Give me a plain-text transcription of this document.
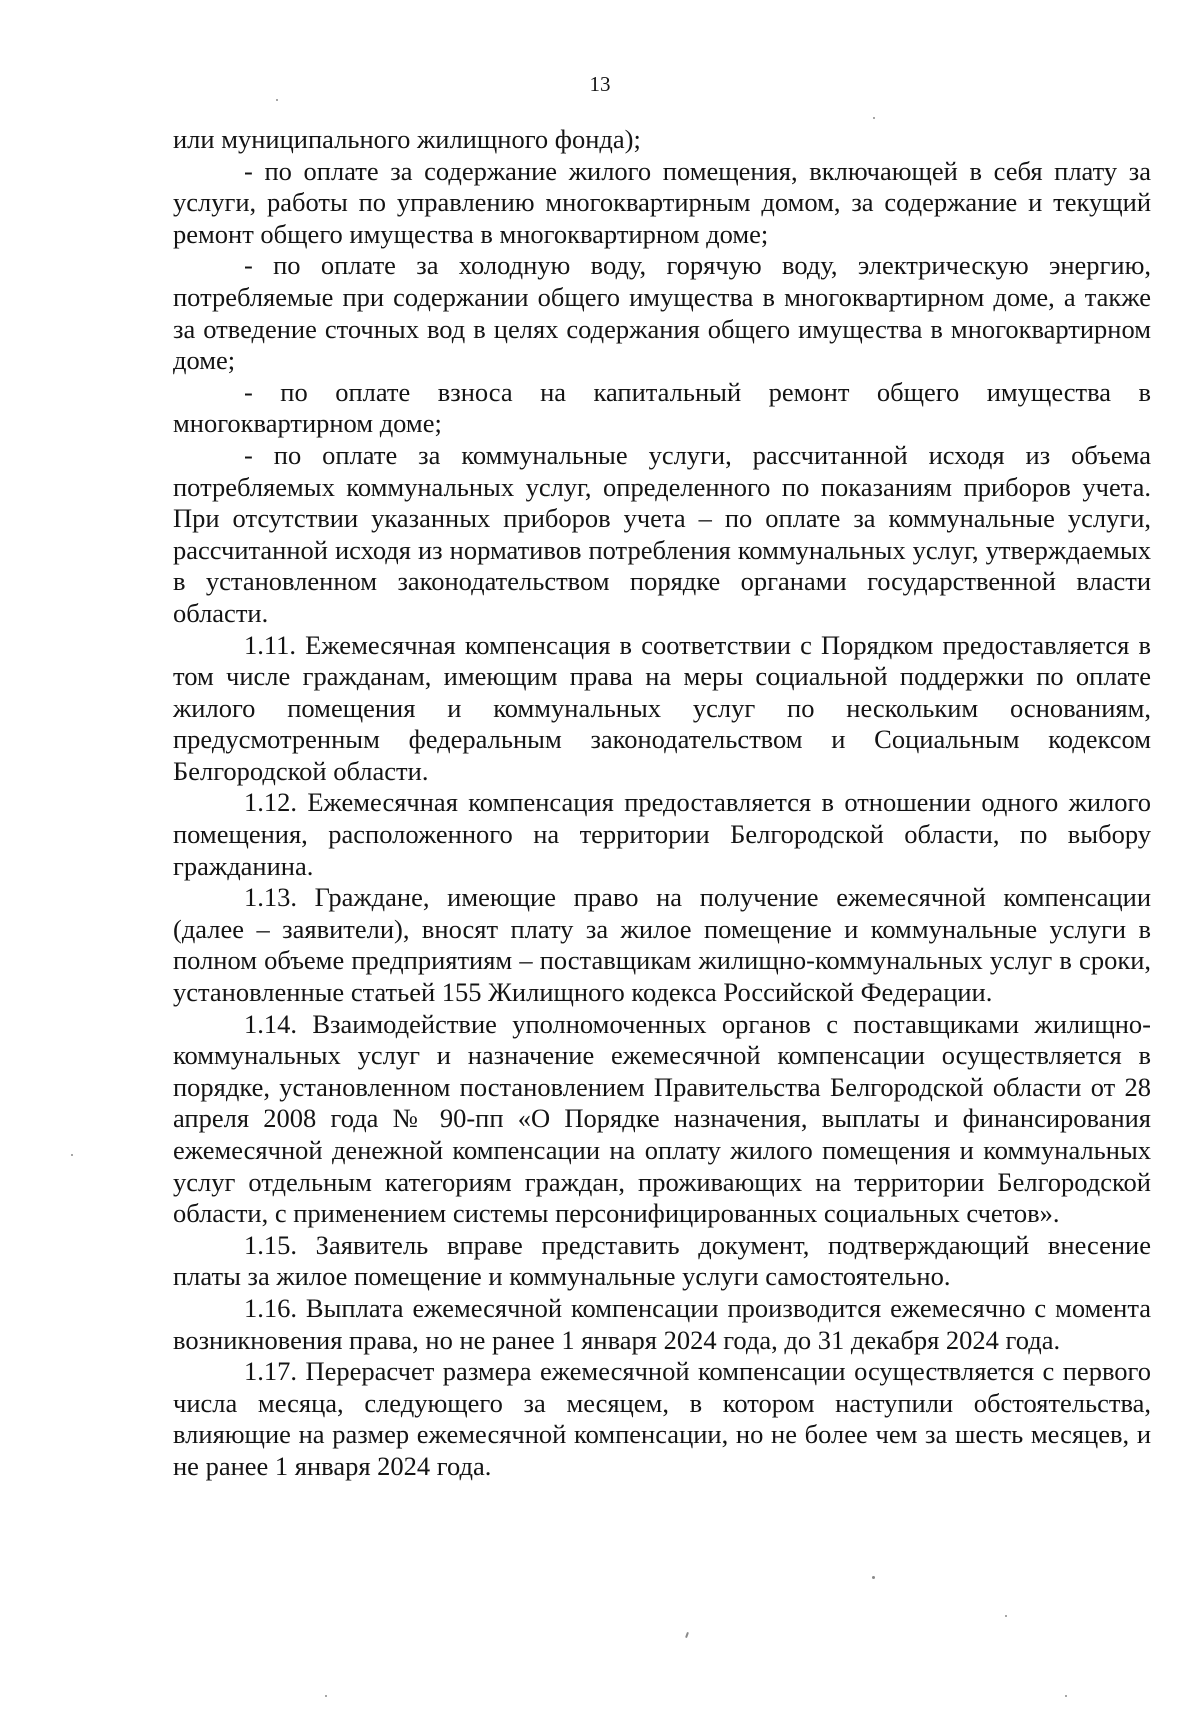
13

или муниципального жилищного фонда);

- по оплате за содержание жилого помещения, включающей в себя плату за услуги, работы по управлению многоквартирным домом, за содержание и текущий ремонт общего имущества в многоквартирном доме;

- по оплате за холодную воду, горячую воду, электрическую энергию, потребляемые при содержании общего имущества в многоквартирном доме, а также за отведение сточных вод в целях содержания общего имущества в многоквартирном доме;

- по оплате взноса на капитальный ремонт общего имущества в многоквартирном доме;

- по оплате за коммунальные услуги, рассчитанной исходя из объема потребляемых коммунальных услуг, определенного по показаниям приборов учета. При отсутствии указанных приборов учета – по оплате за коммунальные услуги, рассчитанной исходя из нормативов потребления коммунальных услуг, утверждаемых в установленном законодательством порядке органами государственной власти области.

1.11. Ежемесячная компенсация в соответствии с Порядком предоставляется в том числе гражданам, имеющим права на меры социальной поддержки по оплате жилого помещения и коммунальных услуг по нескольким основаниям, предусмотренным федеральным законодательством и Социальным кодексом Белгородской области.

1.12. Ежемесячная компенсация предоставляется в отношении одного жилого помещения, расположенного на территории Белгородской области, по выбору гражданина.

1.13. Граждане, имеющие право на получение ежемесячной компенсации (далее – заявители), вносят плату за жилое помещение и коммунальные услуги в полном объеме предприятиям – поставщикам жилищно-коммунальных услуг в сроки, установленные статьей 155 Жилищного кодекса Российской Федерации.

1.14. Взаимодействие уполномоченных органов с поставщиками жилищно-коммунальных услуг и назначение ежемесячной компенсации осуществляется в порядке, установленном постановлением Правительства Белгородской области от 28 апреля 2008 года № 90-пп «О Порядке назначения, выплаты и финансирования ежемесячной денежной компенсации на оплату жилого помещения и коммунальных услуг отдельным категориям граждан, проживающих на территории Белгородской области, с применением системы персонифицированных социальных счетов».

1.15. Заявитель вправе представить документ, подтверждающий внесение платы за жилое помещение и коммунальные услуги самостоятельно.

1.16. Выплата ежемесячной компенсации производится ежемесячно с момента возникновения права, но не ранее 1 января 2024 года, до 31 декабря 2024 года.

1.17. Перерасчет размера ежемесячной компенсации осуществляется с первого числа месяца, следующего за месяцем, в котором наступили обстоятельства, влияющие на размер ежемесячной компенсации, но не более чем за шесть месяцев, и не ранее 1 января 2024 года.
